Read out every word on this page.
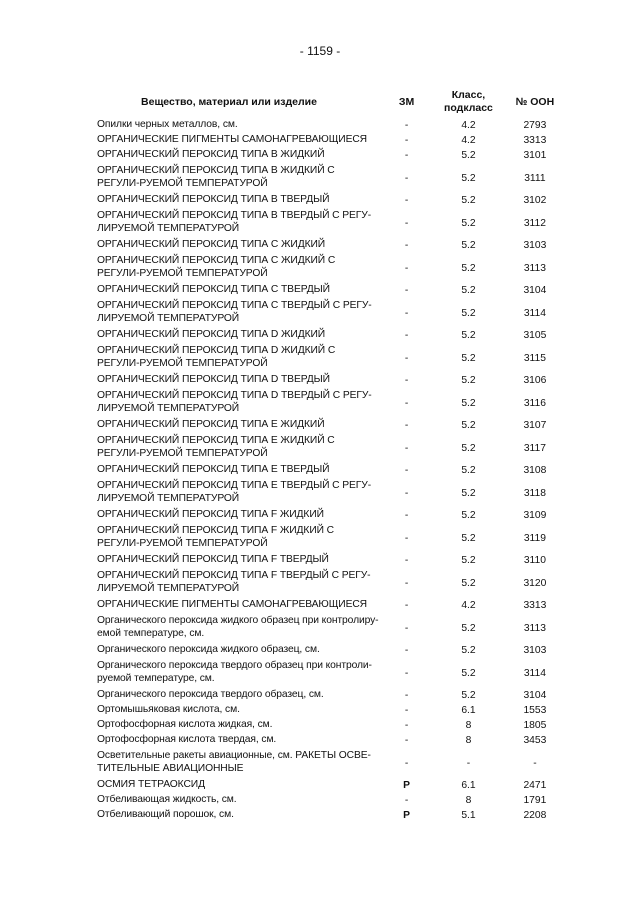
- 1159 -
Вещество, материал или изделие	ЗМ	Класс, подкласс	№ ООН
Опилки черных металлов, см.	-	4.2	2793
ОРГАНИЧЕСКИЕ ПИГМЕНТЫ САМОНАГРЕВАЮЩИЕСЯ	-	4.2	3313
ОРГАНИЧЕСКИЙ ПЕРОКСИД ТИПА В ЖИДКИЙ	-	5.2	3101
ОРГАНИЧЕСКИЙ ПЕРОКСИД ТИПА В ЖИДКИЙ С РЕГУЛИ-РУЕМОЙ ТЕМПЕРАТУРОЙ	-	5.2	3111
ОРГАНИЧЕСКИЙ ПЕРОКСИД ТИПА В ТВЕРДЫЙ	-	5.2	3102
ОРГАНИЧЕСКИЙ ПЕРОКСИД ТИПА В ТВЕРДЫЙ С РЕГУ-ЛИРУЕМОЙ ТЕМПЕРАТУРОЙ	-	5.2	3112
ОРГАНИЧЕСКИЙ ПЕРОКСИД ТИПА С ЖИДКИЙ	-	5.2	3103
ОРГАНИЧЕСКИЙ ПЕРОКСИД ТИПА С ЖИДКИЙ С РЕГУЛИ-РУЕМОЙ ТЕМПЕРАТУРОЙ	-	5.2	3113
ОРГАНИЧЕСКИЙ ПЕРОКСИД ТИПА С ТВЕРДЫЙ	-	5.2	3104
ОРГАНИЧЕСКИЙ ПЕРОКСИД ТИПА С ТВЕРДЫЙ С РЕГУ-ЛИРУЕМОЙ ТЕМПЕРАТУРОЙ	-	5.2	3114
ОРГАНИЧЕСКИЙ ПЕРОКСИД ТИПА D ЖИДКИЙ	-	5.2	3105
ОРГАНИЧЕСКИЙ ПЕРОКСИД ТИПА D ЖИДКИЙ С РЕГУЛИ-РУЕМОЙ ТЕМПЕРАТУРОЙ	-	5.2	3115
ОРГАНИЧЕСКИЙ ПЕРОКСИД ТИПА D ТВЕРДЫЙ	-	5.2	3106
ОРГАНИЧЕСКИЙ ПЕРОКСИД ТИПА D ТВЕРДЫЙ С РЕГУ-ЛИРУЕМОЙ ТЕМПЕРАТУРОЙ	-	5.2	3116
ОРГАНИЧЕСКИЙ ПЕРОКСИД ТИПА Е ЖИДКИЙ	-	5.2	3107
ОРГАНИЧЕСКИЙ ПЕРОКСИД ТИПА Е ЖИДКИЙ С РЕГУЛИ-РУЕМОЙ ТЕМПЕРАТУРОЙ	-	5.2	3117
ОРГАНИЧЕСКИЙ ПЕРОКСИД ТИПА Е ТВЕРДЫЙ	-	5.2	3108
ОРГАНИЧЕСКИЙ ПЕРОКСИД ТИПА Е ТВЕРДЫЙ С РЕГУ-ЛИРУЕМОЙ ТЕМПЕРАТУРОЙ	-	5.2	3118
ОРГАНИЧЕСКИЙ ПЕРОКСИД ТИПА F ЖИДКИЙ	-	5.2	3109
ОРГАНИЧЕСКИЙ ПЕРОКСИД ТИПА F ЖИДКИЙ С РЕГУЛИ-РУЕМОЙ ТЕМПЕРАТУРОЙ	-	5.2	3119
ОРГАНИЧЕСКИЙ ПЕРОКСИД ТИПА F ТВЕРДЫЙ	-	5.2	3110
ОРГАНИЧЕСКИЙ ПЕРОКСИД ТИПА F ТВЕРДЫЙ С РЕГУ-ЛИРУЕМОЙ ТЕМПЕРАТУРОЙ	-	5.2	3120
ОРГАНИЧЕСКИЕ ПИГМЕНТЫ САМОНАГРЕВАЮЩИЕСЯ	-	4.2	3313
Органического пероксида жидкого образец при контролиру-емой температуре, см.	-	5.2	3113
Органического пероксида жидкого образец, см.	-	5.2	3103
Органического пероксида твердого образец при контроли-руемой температуре, см.	-	5.2	3114
Органического пероксида твердого образец, см.	-	5.2	3104
Ортомышьяковая кислота, см.	-	6.1	1553
Ортофосфорная кислота жидкая, см.	-	8	1805
Ортофосфорная кислота твердая, см.	-	8	3453
Осветительные ракеты авиационные, см. РАКЕТЫ ОСВЕ-ТИТЕЛЬНЫЕ АВИАЦИОННЫЕ	-	-	-
ОСМИЯ ТЕТРАОКСИД	P	6.1	2471
Отбеливающая жидкость, см.	-	8	1791
Отбеливающий порошок, см.	P	5.1	2208
